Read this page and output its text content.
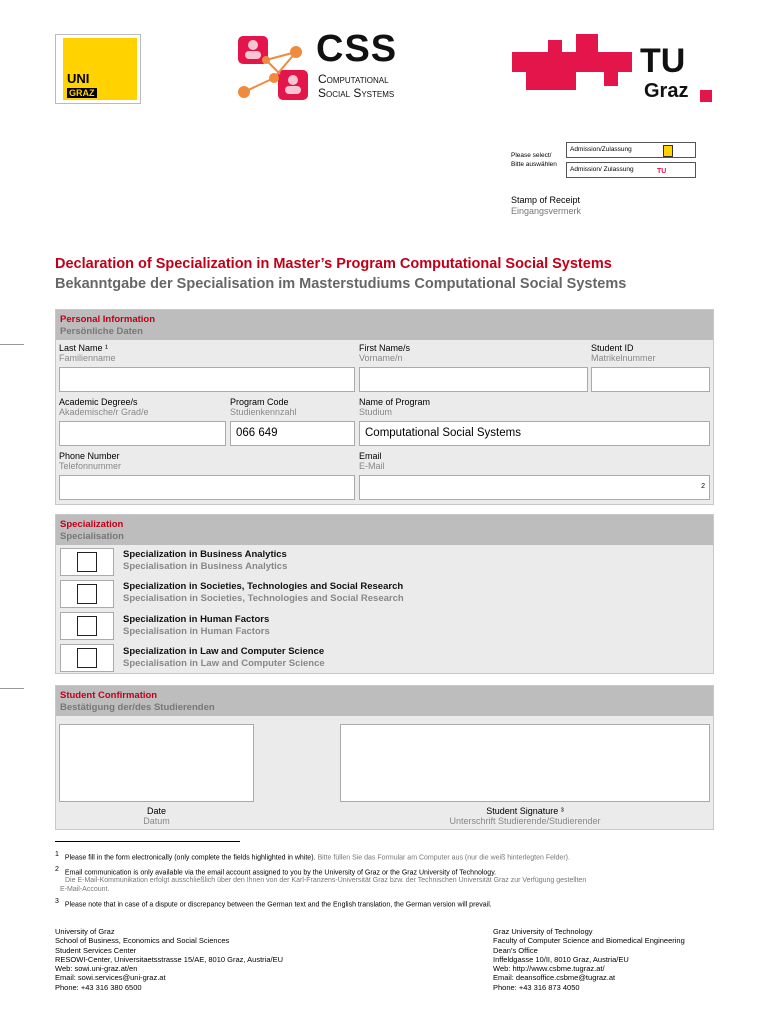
UNI
GRAZ
CSS
Computational
Social Systems
TU
Graz
Please select/
Bitte auswählen
Admission/Zulassung
Admission/ Zulassung	TU
Stamp of Receipt
Eingangsvermerk
Declaration of Specialization in Master’s Program Computational Social Systems
Bekanntgabe der Specialisation im Masterstudiums Computational Social Systems
Personal Information
Persönliche Daten
Last Name ¹
Familienname
First Name/s
Vorname/n
Student ID
Matrikelnummer
Academic Degree/s
Akademische/r Grad/e
Program Code
Studienkennzahl
Name of Program
Studium
066 649	Computational Social Systems
Phone Number
Telefonnummer
Email
E-Mail
2
Specialization
Specialisation
Specialization in Business Analytics
Specialisation in Business Analytics
Specialization in Societies, Technologies and Social Research
Specialisation in Societies, Technologies and Social Research
Specialization in Human Factors
Specialisation in Human Factors
Specialization in Law and Computer Science
Specialisation in Law and Computer Science
Student Confirmation
Bestätigung der/des Studierenden
Date
Datum
Student Signature ³
Unterschrift Studierende/Studierender
$^1$ Please fill in the form electronically (only complete the fields highlighted in white). Bitte füllen Sie das Formular am Computer aus (nur die weiß hinterlegten Felder).
$^2$ Email communication is only available via the email account assigned to you by the University of Graz or the Graz University of Technology.
Die E-Mail-Kommunikation erfolgt ausschließlich über den Ihnen von der Karl-Franzens-Universität Graz bzw. der Technischen Universität Graz zur Verfügung gestellten
E-Mail-Account.
$^3$ Please note that in case of a dispute or discrepancy between the German text and the English translation, the German version will prevail.
University of Graz
School of Business, Economics and Social Sciences
Student Services Center
RESOWI-Center, Universitaetsstrasse 15/AE, 8010 Graz, Austria/EU
Web: sowi.uni-graz.at/en
Email: sowi.services@uni-graz.at
Phone: +43 316 380 6500
Graz University of Technology
Faculty of Computer Science and Biomedical Engineering
Dean’s Office
Inffeldgasse 10/II, 8010 Graz, Austria/EU
Web: http://www.csbme.tugraz.at/
Email: deansoffice.csbme@tugraz.at
Phone: +43 316 873 4050
